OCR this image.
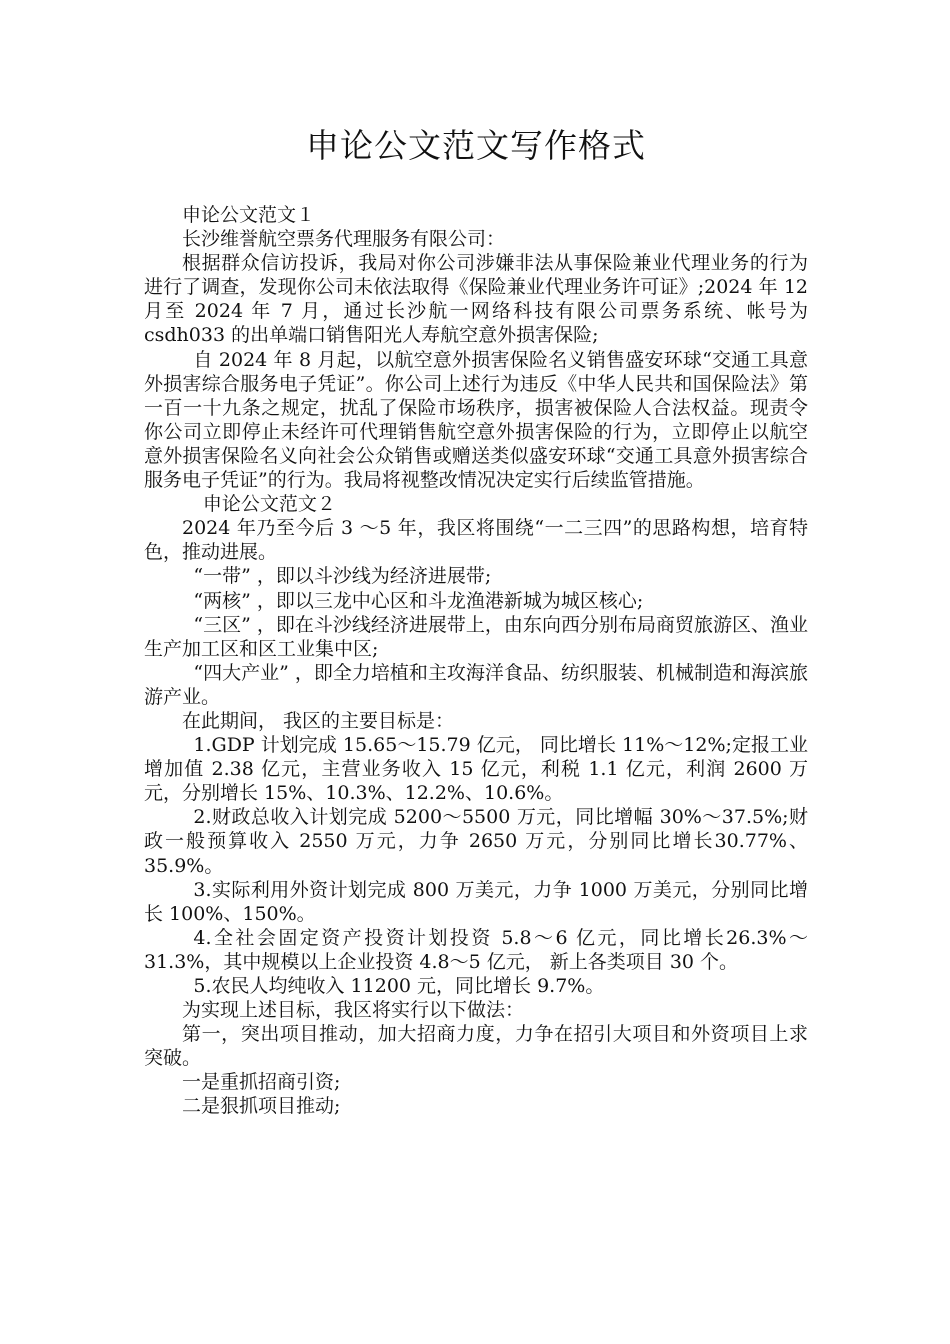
申论公文范文写作格式

申论公文范文１

长沙维誉航空票务代理服务有限公司：

根据群众信访投诉，我局对你公司涉嫌非法从事保险兼业代理业务的行为进行了调查，发现你公司未依法取得《保险兼业代理业务许可证》;2024 年 12 月至 2024 年 7 月，通过长沙航一网络科技有限公司票务系统、帐号为 csdh033 的出单端口销售阳光人寿航空意外损害保险;

自 2024 年 8 月起，以航空意外损害保险名义销售盛安环球“交通工具意外损害综合服务电子凭证”。你公司上述行为违反《中华人民共和国保险法》第一百一十九条之规定，扰乱了保险市场秩序，损害被保险人合法权益。现责令你公司立即停止未经许可代理销售航空意外损害保险的行为，立即停止以航空意外损害保险名义向社会公众销售或赠送类似盛安环球“交通工具意外损害综合服务电子凭证”的行为。我局将视整改情况决定实行后续监管措施。

申论公文范文２

2024 年乃至今后 3 ～5 年，我区将围绕“一二三四”的思路构想，培育特色，推动进展。

“一带” ，即以斗沙线为经济进展带;

“两核” ，即以三龙中心区和斗龙渔港新城为城区核心;

“三区” ，即在斗沙线经济进展带上，由东向西分别布局商贸旅游区、渔业生产加工区和区工业集中区;

“四大产业” ，即全力培植和主攻海洋食品、纺织服装、机械制造和海滨旅游产业。

在此期间， 我区的主要目标是：

1.GDP 计划完成 15.65～15.79 亿元， 同比增长 11%～12%;定报工业增加值 2.38 亿元，主营业务收入 15 亿元，利税 1.1 亿元，利润 2600 万元，分别增长 15%、10.3%、12.2%、10.6%。

2.财政总收入计划完成 5200～5500 万元，同比增幅 30%～37.5%;财政一般预算收入 2550 万元，力争 2650 万元，分别同比增长30.77%、35.9%。

3.实际利用外资计划完成 800 万美元，力争 1000 万美元，分别同比增长 100%、150%。

4.全社会固定资产投资计划投资 5.8～6 亿元，同比增长26.3%～31.3%，其中规模以上企业投资 4.8～5 亿元， 新上各类项目 30 个。

5.农民人均纯收入 11200 元，同比增长 9.7%。

为实现上述目标，我区将实行以下做法：

第一，突出项目推动，加大招商力度，力争在招引大项目和外资项目上求突破。

一是重抓招商引资;

二是狠抓项目推动;
